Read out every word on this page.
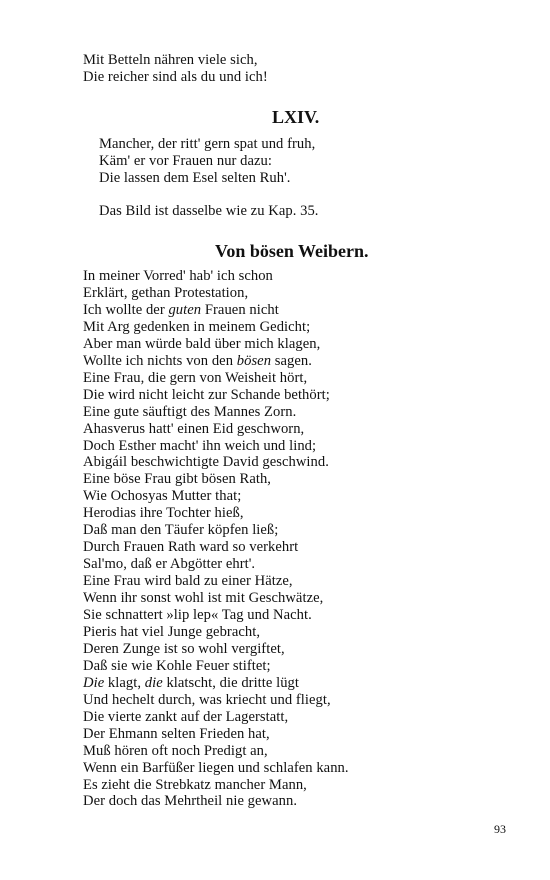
Mit Betteln nähren viele sich,
Die reicher sind als du und ich!
LXIV.
Mancher, der ritt' gern spat und fruh,
Käm' er vor Frauen nur dazu:
Die lassen dem Esel selten Ruh'.
Das Bild ist dasselbe wie zu Kap. 35.
Von bösen Weibern.
In meiner Vorred' hab' ich schon
Erklärt, gethan Protestation,
Ich wollte der guten Frauen nicht
Mit Arg gedenken in meinem Gedicht;
Aber man würde bald über mich klagen,
Wollte ich nichts von den bösen sagen.
Eine Frau, die gern von Weisheit hört,
Die wird nicht leicht zur Schande bethört;
Eine gute säuftigt des Mannes Zorn.
Ahasverus hatt' einen Eid geschworn,
Doch Esther macht' ihn weich und lind;
Abigáil beschwichtigte David geschwind.
Eine böse Frau gibt bösen Rath,
Wie Ochosyas Mutter that;
Herodias ihre Tochter hieß,
Daß man den Täufer köpfen ließ;
Durch Frauen Rath ward so verkehrt
Sal'mo, daß er Abgötter ehrt'.
Eine Frau wird bald zu einer Hätze,
Wenn ihr sonst wohl ist mit Geschwätze,
Sie schnattert »lip lep« Tag und Nacht.
Pieris hat viel Junge gebracht,
Deren Zunge ist so wohl vergiftet,
Daß sie wie Kohle Feuer stiftet;
Die klagt, die klatscht, die dritte lügt
Und hechelt durch, was kriecht und fliegt,
Die vierte zankt auf der Lagerstatt,
Der Ehmann selten Frieden hat,
Muß hören oft noch Predigt an,
Wenn ein Barfüßer liegen und schlafen kann.
Es zieht die Strebkatz mancher Mann,
Der doch das Mehrtheil nie gewann.
93
